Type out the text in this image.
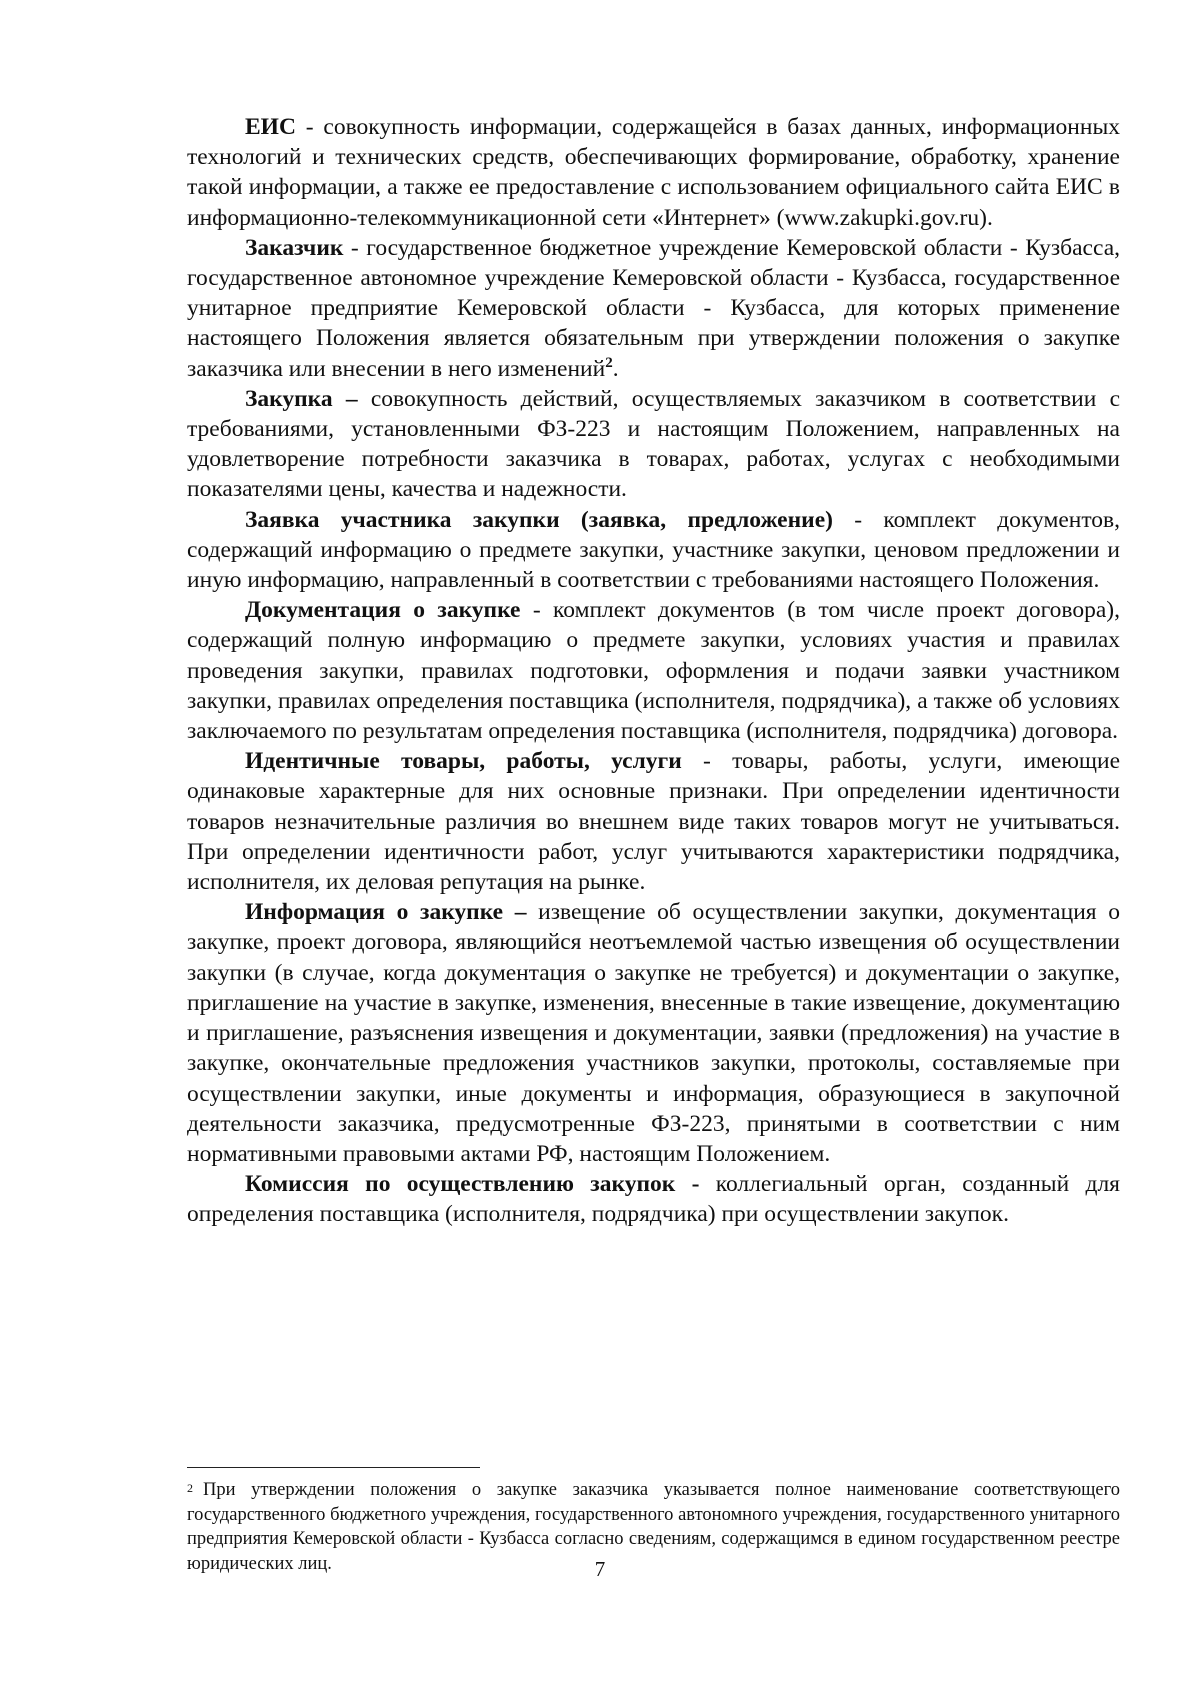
ЕИС - совокупность информации, содержащейся в базах данных, информационных технологий и технических средств, обеспечивающих формирование, обработку, хранение такой информации, а также ее предоставление с использованием официального сайта ЕИС в информационно-телекоммуникационной сети «Интернет» (www.zakupki.gov.ru).

Заказчик - государственное бюджетное учреждение Кемеровской области - Кузбасса, государственное автономное учреждение Кемеровской области - Кузбасса, государственное унитарное предприятие Кемеровской области - Кузбасса, для которых применение настоящего Положения является обязательным при утверждении положения о закупке заказчика или внесении в него изменений$^2$.

Закупка – совокупность действий, осуществляемых заказчиком в соответствии с требованиями, установленными ФЗ-223 и настоящим Положением, направленных на удовлетворение потребности заказчика в товарах, работах, услугах с необходимыми показателями цены, качества и надежности.

Заявка участника закупки (заявка, предложение) - комплект документов, содержащий информацию о предмете закупки, участнике закупки, ценовом предложении и иную информацию, направленный в соответствии с требованиями настоящего Положения.

Документация о закупке - комплект документов (в том числе проект договора), содержащий полную информацию о предмете закупки, условиях участия и правилах проведения закупки, правилах подготовки, оформления и подачи заявки участником закупки, правилах определения поставщика (исполнителя, подрядчика), а также об условиях заключаемого по результатам определения поставщика (исполнителя, подрядчика) договора.

Идентичные товары, работы, услуги - товары, работы, услуги, имеющие одинаковые характерные для них основные признаки. При определении идентичности товаров незначительные различия во внешнем виде таких товаров могут не учитываться. При определении идентичности работ, услуг учитываются характеристики подрядчика, исполнителя, их деловая репутация на рынке.

Информация о закупке – извещение об осуществлении закупки, документация о закупке, проект договора, являющийся неотъемлемой частью извещения об осуществлении закупки (в случае, когда документация о закупке не требуется) и документации о закупке, приглашение на участие в закупке, изменения, внесенные в такие извещение, документацию и приглашение, разъяснения извещения и документации, заявки (предложения) на участие в закупке, окончательные предложения участников закупки, протоколы, составляемые при осуществлении закупки, иные документы и информация, образующиеся в закупочной деятельности заказчика, предусмотренные ФЗ-223, принятыми в соответствии с ним нормативными правовыми актами РФ, настоящим Положением.

Комиссия по осуществлению закупок - коллегиальный орган, созданный для определения поставщика (исполнителя, подрядчика) при осуществлении закупок.

$^2$ При утверждении положения о закупке заказчика указывается полное наименование соответствующего государственного бюджетного учреждения, государственного автономного учреждения, государственного унитарного предприятия Кемеровской области - Кузбасса согласно сведениям, содержащимся в едином государственном реестре юридических лиц.	7
